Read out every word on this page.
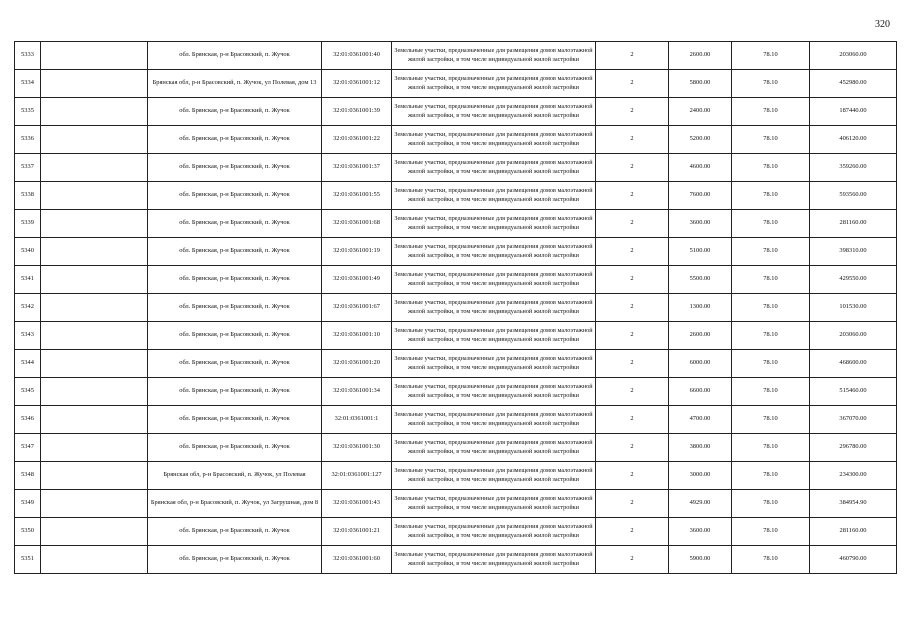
320
5333		обл. Брянская, р-н Брасовский, п. Жучок	32:01:0361001:40	Земельные участки, предназначенные для размещения домов малоэтажной жилой застройки, в том числе индивидуальной жилой застройки	2	2600.00	78.10	203060.00
5334		Брянская обл, р-н Брасовский, п. Жучок, ул Полевая, дом 13	32:01:0361001:12	Земельные участки, предназначенные для размещения домов малоэтажной жилой застройки, в том числе индивидуальной жилой застройки	2	5800.00	78.10	452980.00
5335		обл. Брянская, р-н Брасовский, п. Жучок	32:01:0361001:39	Земельные участки, предназначенные для размещения домов малоэтажной жилой застройки, в том числе индивидуальной жилой застройки	2	2400.00	78.10	187440.00
5336		обл. Брянская, р-н Брасовский, п. Жучок	32:01:0361001:22	Земельные участки, предназначенные для размещения домов малоэтажной жилой застройки, в том числе индивидуальной жилой застройки	2	5200.00	78.10	406120.00
5337		обл. Брянская, р-н Брасовский, п. Жучок	32:01:0361001:37	Земельные участки, предназначенные для размещения домов малоэтажной жилой застройки, в том числе индивидуальной жилой застройки	2	4600.00	78.10	359260.00
5338		обл. Брянская, р-н Брасовский, п. Жучок	32:01:0361001:55	Земельные участки, предназначенные для размещения домов малоэтажной жилой застройки, в том числе индивидуальной жилой застройки	2	7600.00	78.10	593560.00
5339		обл. Брянская, р-н Брасовский, п. Жучок	32:01:0361001:68	Земельные участки, предназначенные для размещения домов малоэтажной жилой застройки, в том числе индивидуальной жилой застройки	2	3600.00	78.10	281160.00
5340		обл. Брянская, р-н Брасовский, п. Жучок	32:01:0361001:19	Земельные участки, предназначенные для размещения домов малоэтажной жилой застройки, в том числе индивидуальной жилой застройки	2	5100.00	78.10	398310.00
5341		обл. Брянская, р-н Брасовский, п. Жучок	32:01:0361001:49	Земельные участки, предназначенные для размещения домов малоэтажной жилой застройки, в том числе индивидуальной жилой застройки	2	5500.00	78.10	429550.00
5342		обл. Брянская, р-н Брасовский, п. Жучок	32:01:0361001:67	Земельные участки, предназначенные для размещения домов малоэтажной жилой застройки, в том числе индивидуальной жилой застройки	2	1300.00	78.10	101530.00
5343		обл. Брянская, р-н Брасовский, п. Жучок	32:01:0361001:10	Земельные участки, предназначенные для размещения домов малоэтажной жилой застройки, в том числе индивидуальной жилой застройки	2	2600.00	78.10	203060.00
5344		обл. Брянская, р-н Брасовский, п. Жучок	32:01:0361001:20	Земельные участки, предназначенные для размещения домов малоэтажной жилой застройки, в том числе индивидуальной жилой застройки	2	6000.00	78.10	468600.00
5345		обл. Брянская, р-н Брасовский, п. Жучок	32:01:0361001:34	Земельные участки, предназначенные для размещения домов малоэтажной жилой застройки, в том числе индивидуальной жилой застройки	2	6600.00	78.10	515460.00
5346		обл. Брянская, р-н Брасовский, п. Жучок	32:01:0361001:1	Земельные участки, предназначенные для размещения домов малоэтажной жилой застройки, в том числе индивидуальной жилой застройки	2	4700.00	78.10	367070.00
5347		обл. Брянская, р-н Брасовский, п. Жучок	32:01:0361001:30	Земельные участки, предназначенные для размещения домов малоэтажной жилой застройки, в том числе индивидуальной жилой застройки	2	3800.00	78.10	296780.00
5348		Брянская обл, р-н Брасовский, п. Жучок, ул Полевая	32:01:0361001:127	Земельные участки, предназначенные для размещения домов малоэтажной жилой застройки, в том числе индивидуальной жилой застройки	2	3000.00	78.10	234300.00
5349		Брянская обл, р-н Брасовский, п. Жучок, ул Загрушная, дом 8	32:01:0361001:43	Земельные участки, предназначенные для размещения домов малоэтажной жилой застройки, в том числе индивидуальной жилой застройки	2	4929.00	78.10	384954.90
5350		обл. Брянская, р-н Брасовский, п. Жучок	32:01:0361001:21	Земельные участки, предназначенные для размещения домов малоэтажной жилой застройки, в том числе индивидуальной жилой застройки	2	3600.00	78.10	281160.00
5351		обл. Брянская, р-н Брасовский, п. Жучок	32:01:0361001:60	Земельные участки, предназначенные для размещения домов малоэтажной жилой застройки, в том числе индивидуальной жилой застройки	2	5900.00	78.10	460790.00
